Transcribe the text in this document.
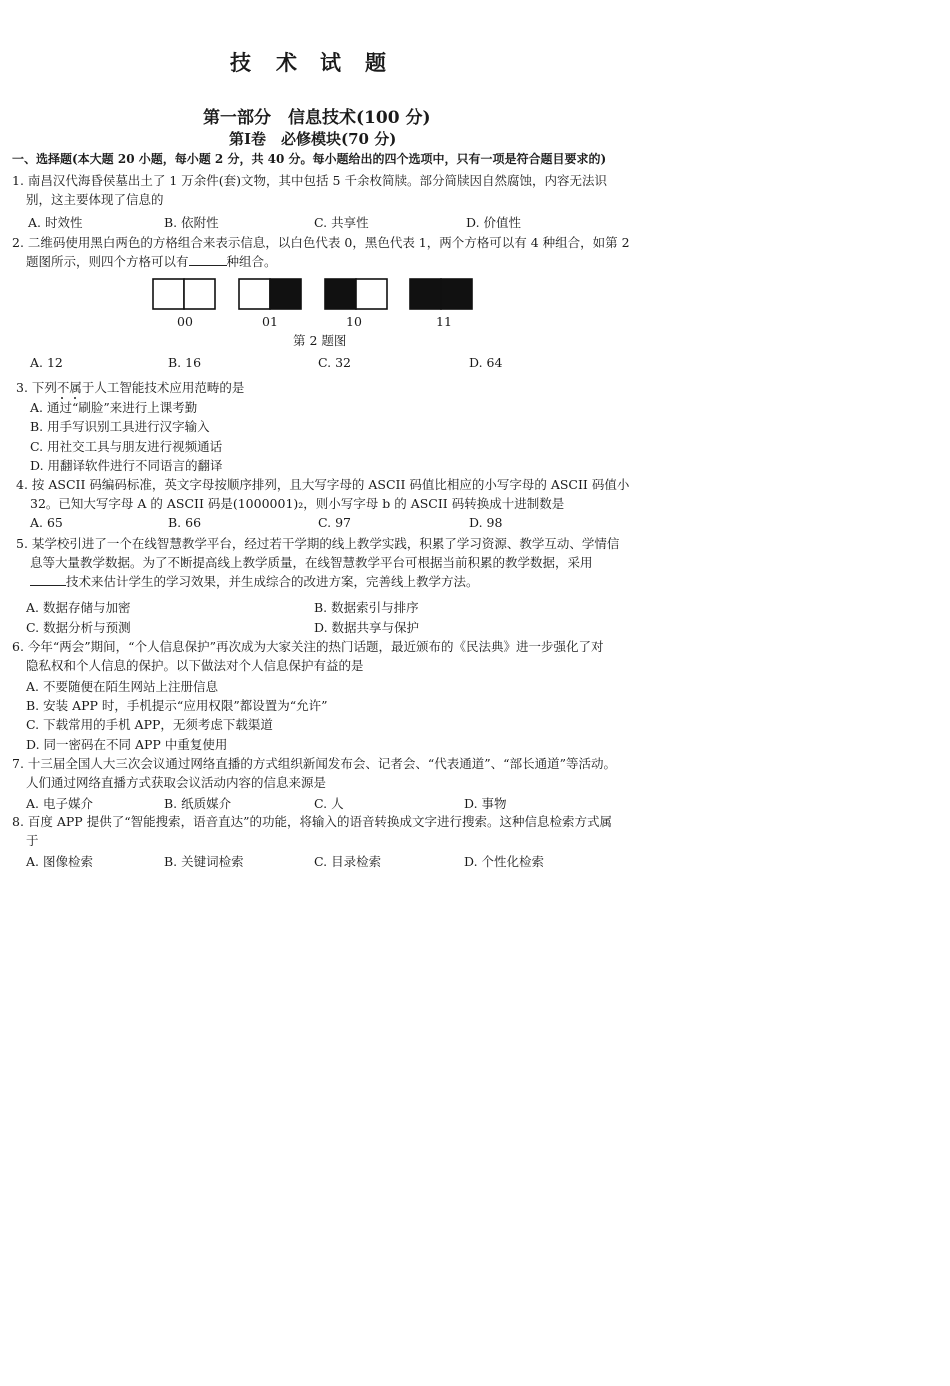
技 术 试 题
第一部分　信息技术(100 分)
第Ⅰ卷　必修模块(70 分)
一、选择题(本大题 20 小题，每小题 2 分，共 40 分。每小题给出的四个选项中，只有一项是符合题目要求的)
1. 南昌汉代海昏侯墓出土了 1 万余件(套)文物，其中包括 5 千余枚简牍。部分简牍因自然腐蚀，内容无法识
别，这主要体现了信息的
A. 时效性	B. 依附性	C. 共享性	D. 价值性
2. 二维码使用黑白两色的方格组合来表示信息，以白色代表 0，黑色代表 1，两个方格可以有 4 种组合，如第 2
题图所示，则四个方格可以有	种组合。
00	01	10	11
第 2 题图
A. 12	B. 16	C. 32	D. 64
3. 下列不属于人工智能技术应用范畴的是
A. 通过“刷脸”来进行上课考勤
B. 用手写识别工具进行汉字输入
C. 用社交工具与朋友进行视频通话
D. 用翻译软件进行不同语言的翻译
4. 按 ASCII 码编码标准，英文字母按顺序排列，且大写字母的 ASCII 码值比相应的小写字母的 ASCII 码值小
32。已知大写字母 A 的 ASCII 码是(1000001)₂，则小写字母 b 的 ASCII 码转换成十进制数是
A. 65	B. 66	C. 97	D. 98
5. 某学校引进了一个在线智慧教学平台，经过若干学期的线上教学实践，积累了学习资源、教学互动、学情信
息等大量教学数据。为了不断提高线上教学质量，在线智慧教学平台可根据当前积累的教学数据，采用
技术来估计学生的学习效果，并生成综合的改进方案，完善线上教学方法。
A. 数据存储与加密	B. 数据索引与排序
C. 数据分析与预测	D. 数据共享与保护
6. 今年“两会”期间，“个人信息保护”再次成为大家关注的热门话题，最近颁布的《民法典》进一步强化了对
隐私权和个人信息的保护。以下做法对个人信息保护有益的是
A. 不要随便在陌生网站上注册信息
B. 安装 APP 时，手机提示“应用权限”都设置为“允许”
C. 下载常用的手机 APP，无须考虑下载渠道
D. 同一密码在不同 APP 中重复使用
7. 十三届全国人大三次会议通过网络直播的方式组织新闻发布会、记者会、“代表通道”、“部长通道”等活动。
人们通过网络直播方式获取会议活动内容的信息来源是
A. 电子媒介	B. 纸质媒介	C. 人	D. 事物
8. 百度 APP 提供了“智能搜索，语音直达”的功能，将输入的语音转换成文字进行搜索。这种信息检索方式属
于
A. 图像检索	B. 关键词检索	C. 目录检索	D. 个性化检索
